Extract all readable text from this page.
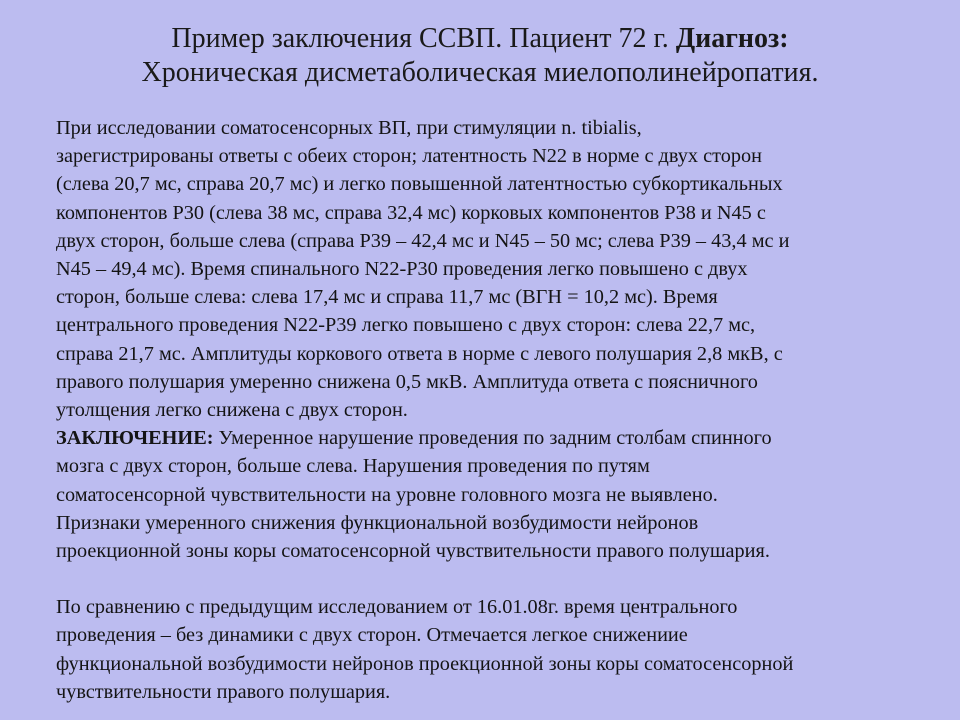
Пример заключения ССВП. Пациент 72 г. Диагноз:
Хроническая дисметаболическая миелополинейропатия.

При исследовании соматосенсорных ВП, при стимуляции n. tibialis,
зарегистрированы ответы с обеих сторон; латентность N22 в норме с двух сторон
(слева 20,7 мс, справа 20,7 мс) и легко повышенной латентностью субкортикальных
компонентов Р30 (слева 38 мс, справа 32,4 мс) корковых компонентов Р38 и N45 с
двух сторон, больше слева (справа Р39 – 42,4 мс и N45 – 50 мс; слева Р39 – 43,4 мс и
N45 – 49,4 мс). Время спинального N22-Р30 проведения легко повышено с двух
сторон, больше слева: слева 17,4 мс и справа 11,7 мс (ВГН = 10,2 мс). Время
центрального проведения N22-Р39 легко повышено с двух сторон: слева 22,7 мс,
справа 21,7 мс. Амплитуды коркового ответа в норме с левого полушария 2,8 мкВ, с
правого полушария умеренно снижена 0,5 мкВ. Амплитуда ответа с поясничного
утолщения легко снижена с двух сторон.

ЗАКЛЮЧЕНИЕ: Умеренное нарушение проведения по задним столбам спинного
мозга с двух сторон, больше слева. Нарушения проведения по путям
соматосенсорной чувствительности на уровне головного мозга не выявлено.
Признаки умеренного снижения функциональной возбудимости нейронов
проекционной зоны коры соматосенсорной чувствительности правого полушария.

По сравнению с предыдущим исследованием от 16.01.08г. время центрального
проведения – без динамики с двух сторон. Отмечается легкое снижениие
функциональной возбудимости нейронов проекционной зоны коры соматосенсорной
чувствительности правого полушария.
